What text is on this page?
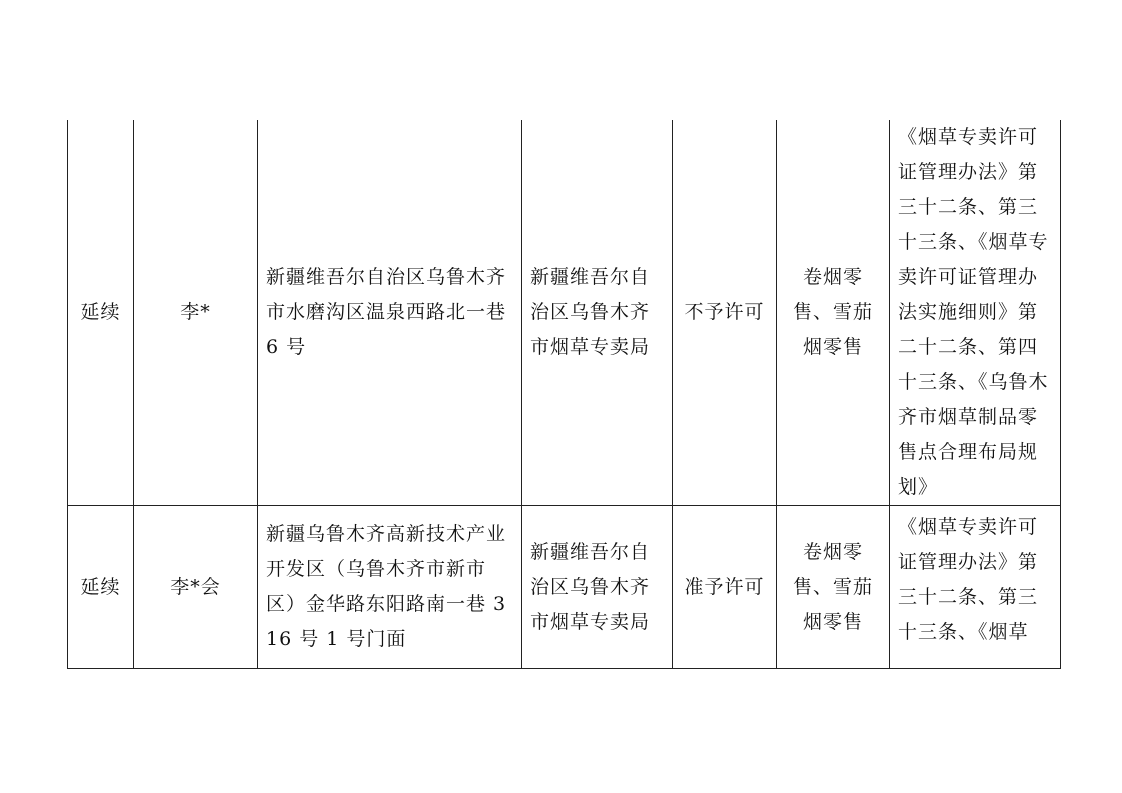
延续	李*	新疆维吾尔自治区乌鲁木齐市水磨沟区温泉西路北一巷 6 号	新疆维吾尔自治区乌鲁木齐市烟草专卖局	不予许可	卷烟零售、雪茄烟零售	《烟草专卖许可证管理办法》第三十二条、第三十三条、《烟草专卖许可证管理办法实施细则》第二十二条、第四十三条、《乌鲁木齐市烟草制品零售点合理布局规划》

延续	李*会	新疆乌鲁木齐高新技术产业开发区（乌鲁木齐市新市区）金华路东阳路南一巷 316 号 1 号门面	新疆维吾尔自治区乌鲁木齐市烟草专卖局	准予许可	卷烟零售、雪茄烟零售	《烟草专卖许可证管理办法》第三十二条、第三十三条、《烟草
